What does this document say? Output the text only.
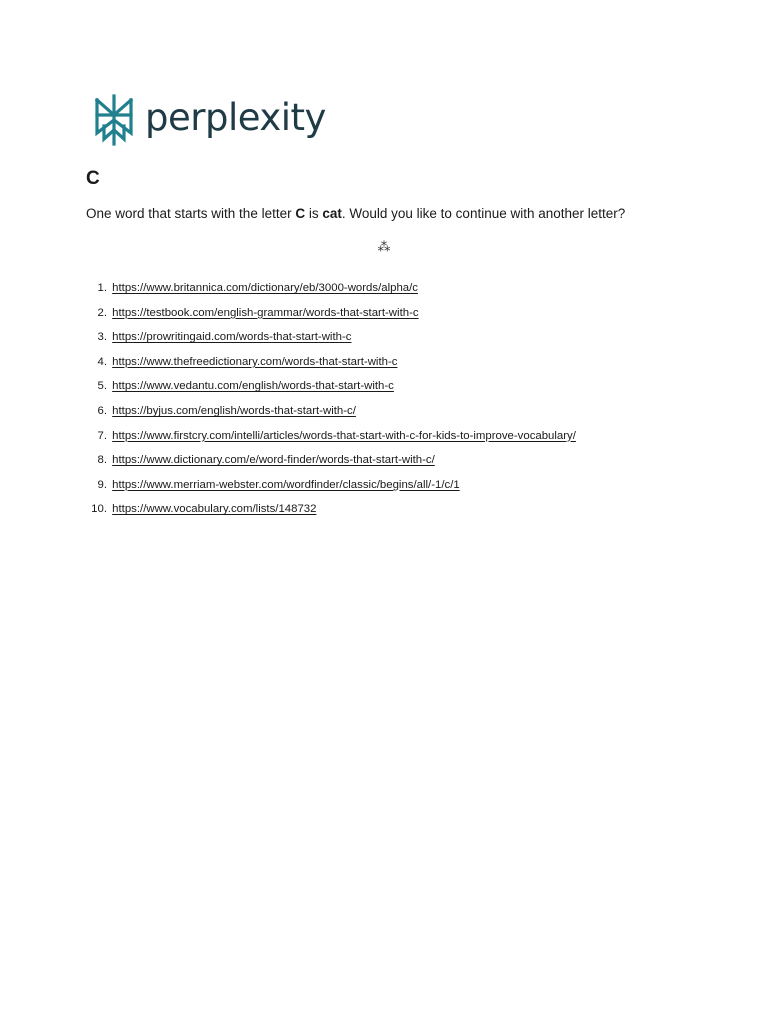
perplexity
C

One word that starts with the letter C is cat. Would you like to continue with another letter?

⁂
1.
https://www.britannica.com/dictionary/eb/3000-words/alpha/c
2.
https://testbook.com/english-grammar/words-that-start-with-c
3.
https://prowritingaid.com/words-that-start-with-c
4.
https://www.thefreedictionary.com/words-that-start-with-c
5.
https://www.vedantu.com/english/words-that-start-with-c
6.
https://byjus.com/english/words-that-start-with-c/
7.
https://www.firstcry.com/intelli/articles/words-that-start-with-c-for-kids-to-improve-vocabulary/
8.
https://www.dictionary.com/e/word-finder/words-that-start-with-c/
9.
https://www.merriam-webster.com/wordfinder/classic/begins/all/-1/c/1
10.
https://www.vocabulary.com/lists/148732
